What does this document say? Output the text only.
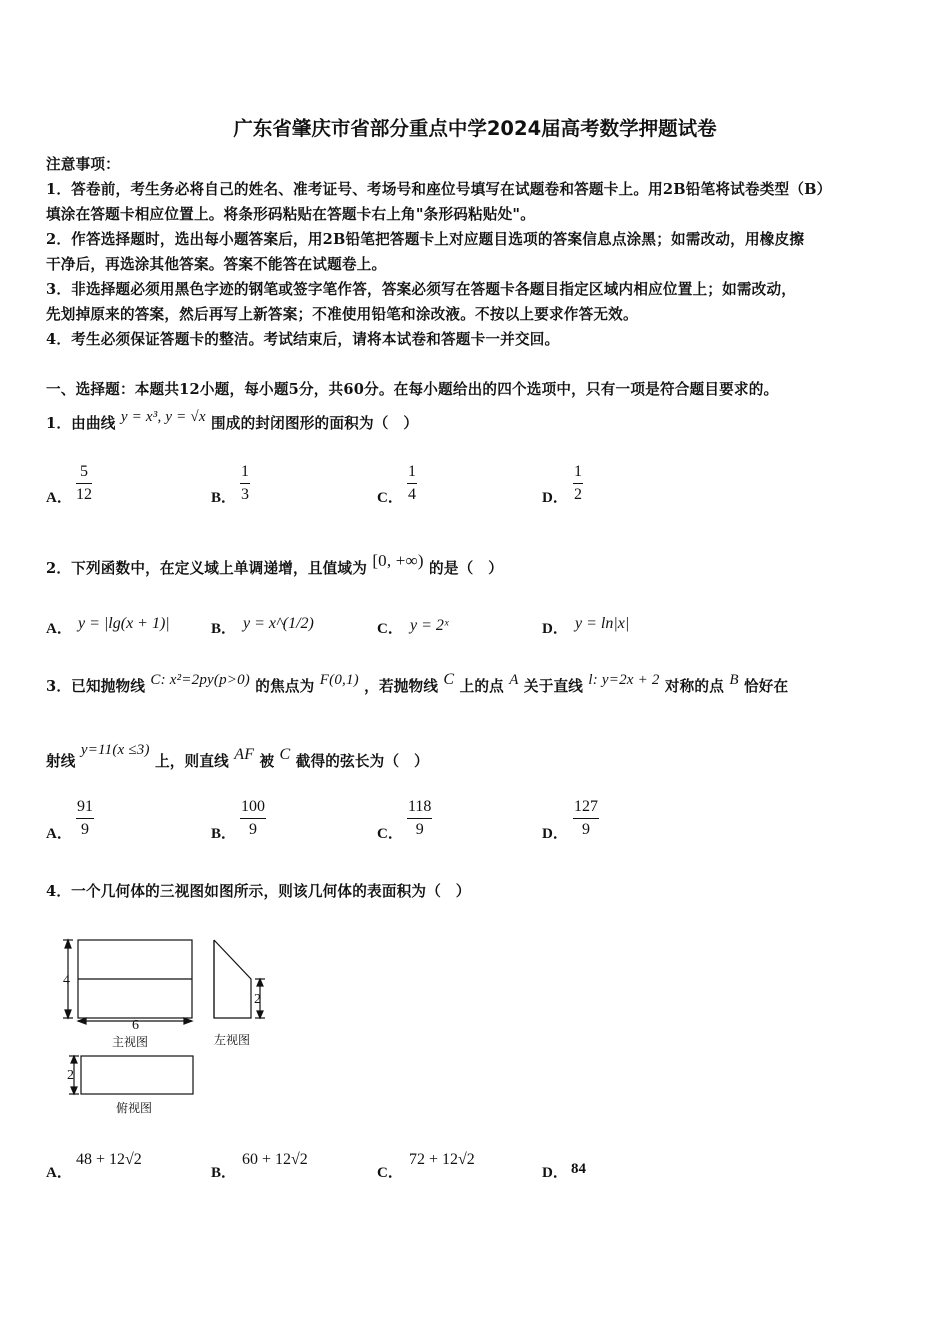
广东省肇庆市省部分重点中学2024届高考数学押题试卷
注意事项：
1．答卷前，考生务必将自己的姓名、准考证号、考场号和座位号填写在试题卷和答题卡上。用2B铅笔将试卷类型（B）
填涂在答题卡相应位置上。将条形码粘贴在答题卡右上角"条形码粘贴处"。
2．作答选择题时，选出每小题答案后，用2B铅笔把答题卡上对应题目选项的答案信息点涂黑；如需改动，用橡皮擦
干净后，再选涂其他答案。答案不能答在试题卷上。
3．非选择题必须用黑色字迹的钢笔或签字笔作答，答案必须写在答题卡各题目指定区域内相应位置上；如需改动，
先划掉原来的答案，然后再写上新答案；不准使用铅笔和涂改液。不按以上要求作答无效。
4．考生必须保证答题卡的整洁。考试结束后，请将本试卷和答题卡一并交回。
一、选择题：本题共12小题，每小题5分，共60分。在每小题给出的四个选项中，只有一项是符合题目要求的。
1．由曲线 y = x³, y = √x 围成的封闭图形的面积为（　）
A．
5
12	B．
1
3	C．
1
4	D．
1
2
2．下列函数中，在定义域上单调递增，且值域为 [0, +∞) 的是（　）
A． y = |lg(x + 1)|	B． y = x^(1/2)	C． y = 2ˣ	D． y = ln|x|
3．已知抛物线 C: x²=2py(p>0) 的焦点为 F(0,1) ，若抛物线 C 上的点 A 关于直线 l: y=2x + 2 对称的点 B 恰好在
射线 y=11(x ≤3) 上，则直线 AF 被 C 截得的弦长为（　）
A．
91
9	B．
100
9	C．
118
9	D．
127
9
4．一个几何体的三视图如图所示，则该几何体的表面积为（　）
4
6
主视图
2
左视图
2
俯视图
A．
48 + 12√2
B．
60 + 12√2
C．
72 + 12√2
D． 84
